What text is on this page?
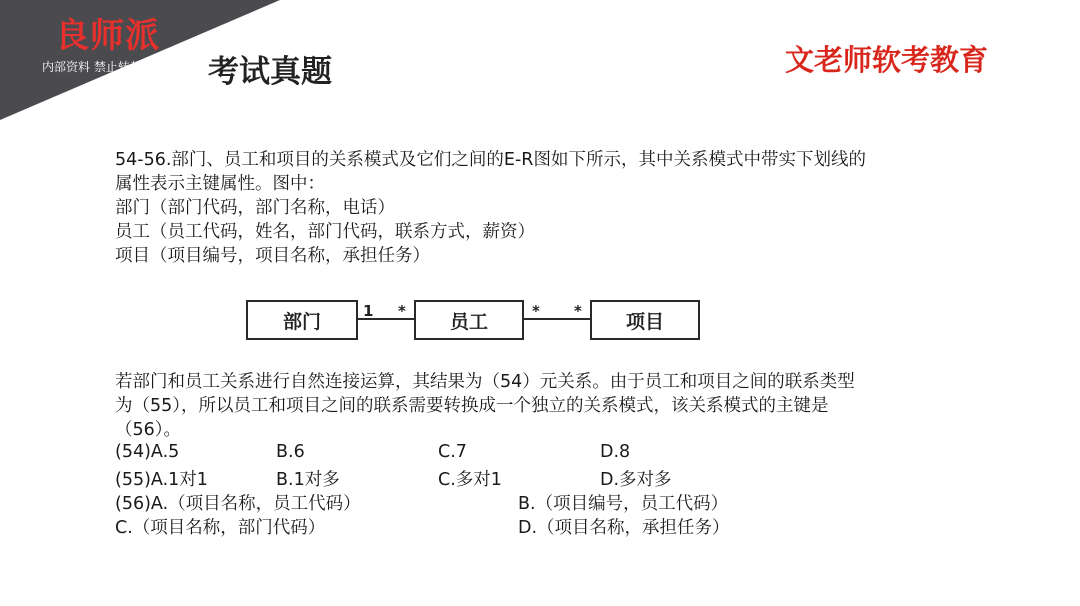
良师派
内部资料 禁止转载 考试真题	文老师软考教育

54-56.部门、员工和项目的关系模式及它们之间的E-R图如下所示，其中关系模式中带实下划线的

属性表示主键属性。图中：

部门（部门代码，部门名称，电话）

员工（员工代码，姓名，部门代码，联系方式，薪资）

项目（项目编号，项目名称，承担任务）

若部门和员工关系进行自然连接运算，其结果为（54）元关系。由于员工和项目之间的联系类型

为（55），所以员工和项目之间的联系需要转换成一个独立的关系模式，该关系模式的主键是

（56）。

部门	员工	项目
1 *	* *
(54)A.5	B.6	C.7	D.8
(55)A.1对1	B.1对多	C.多对1	D.多对多
(56)A.（项目名称，员工代码）	B.（项目编号，员工代码）
C.（项目名称，部门代码）	D.（项目名称，承担任务）
